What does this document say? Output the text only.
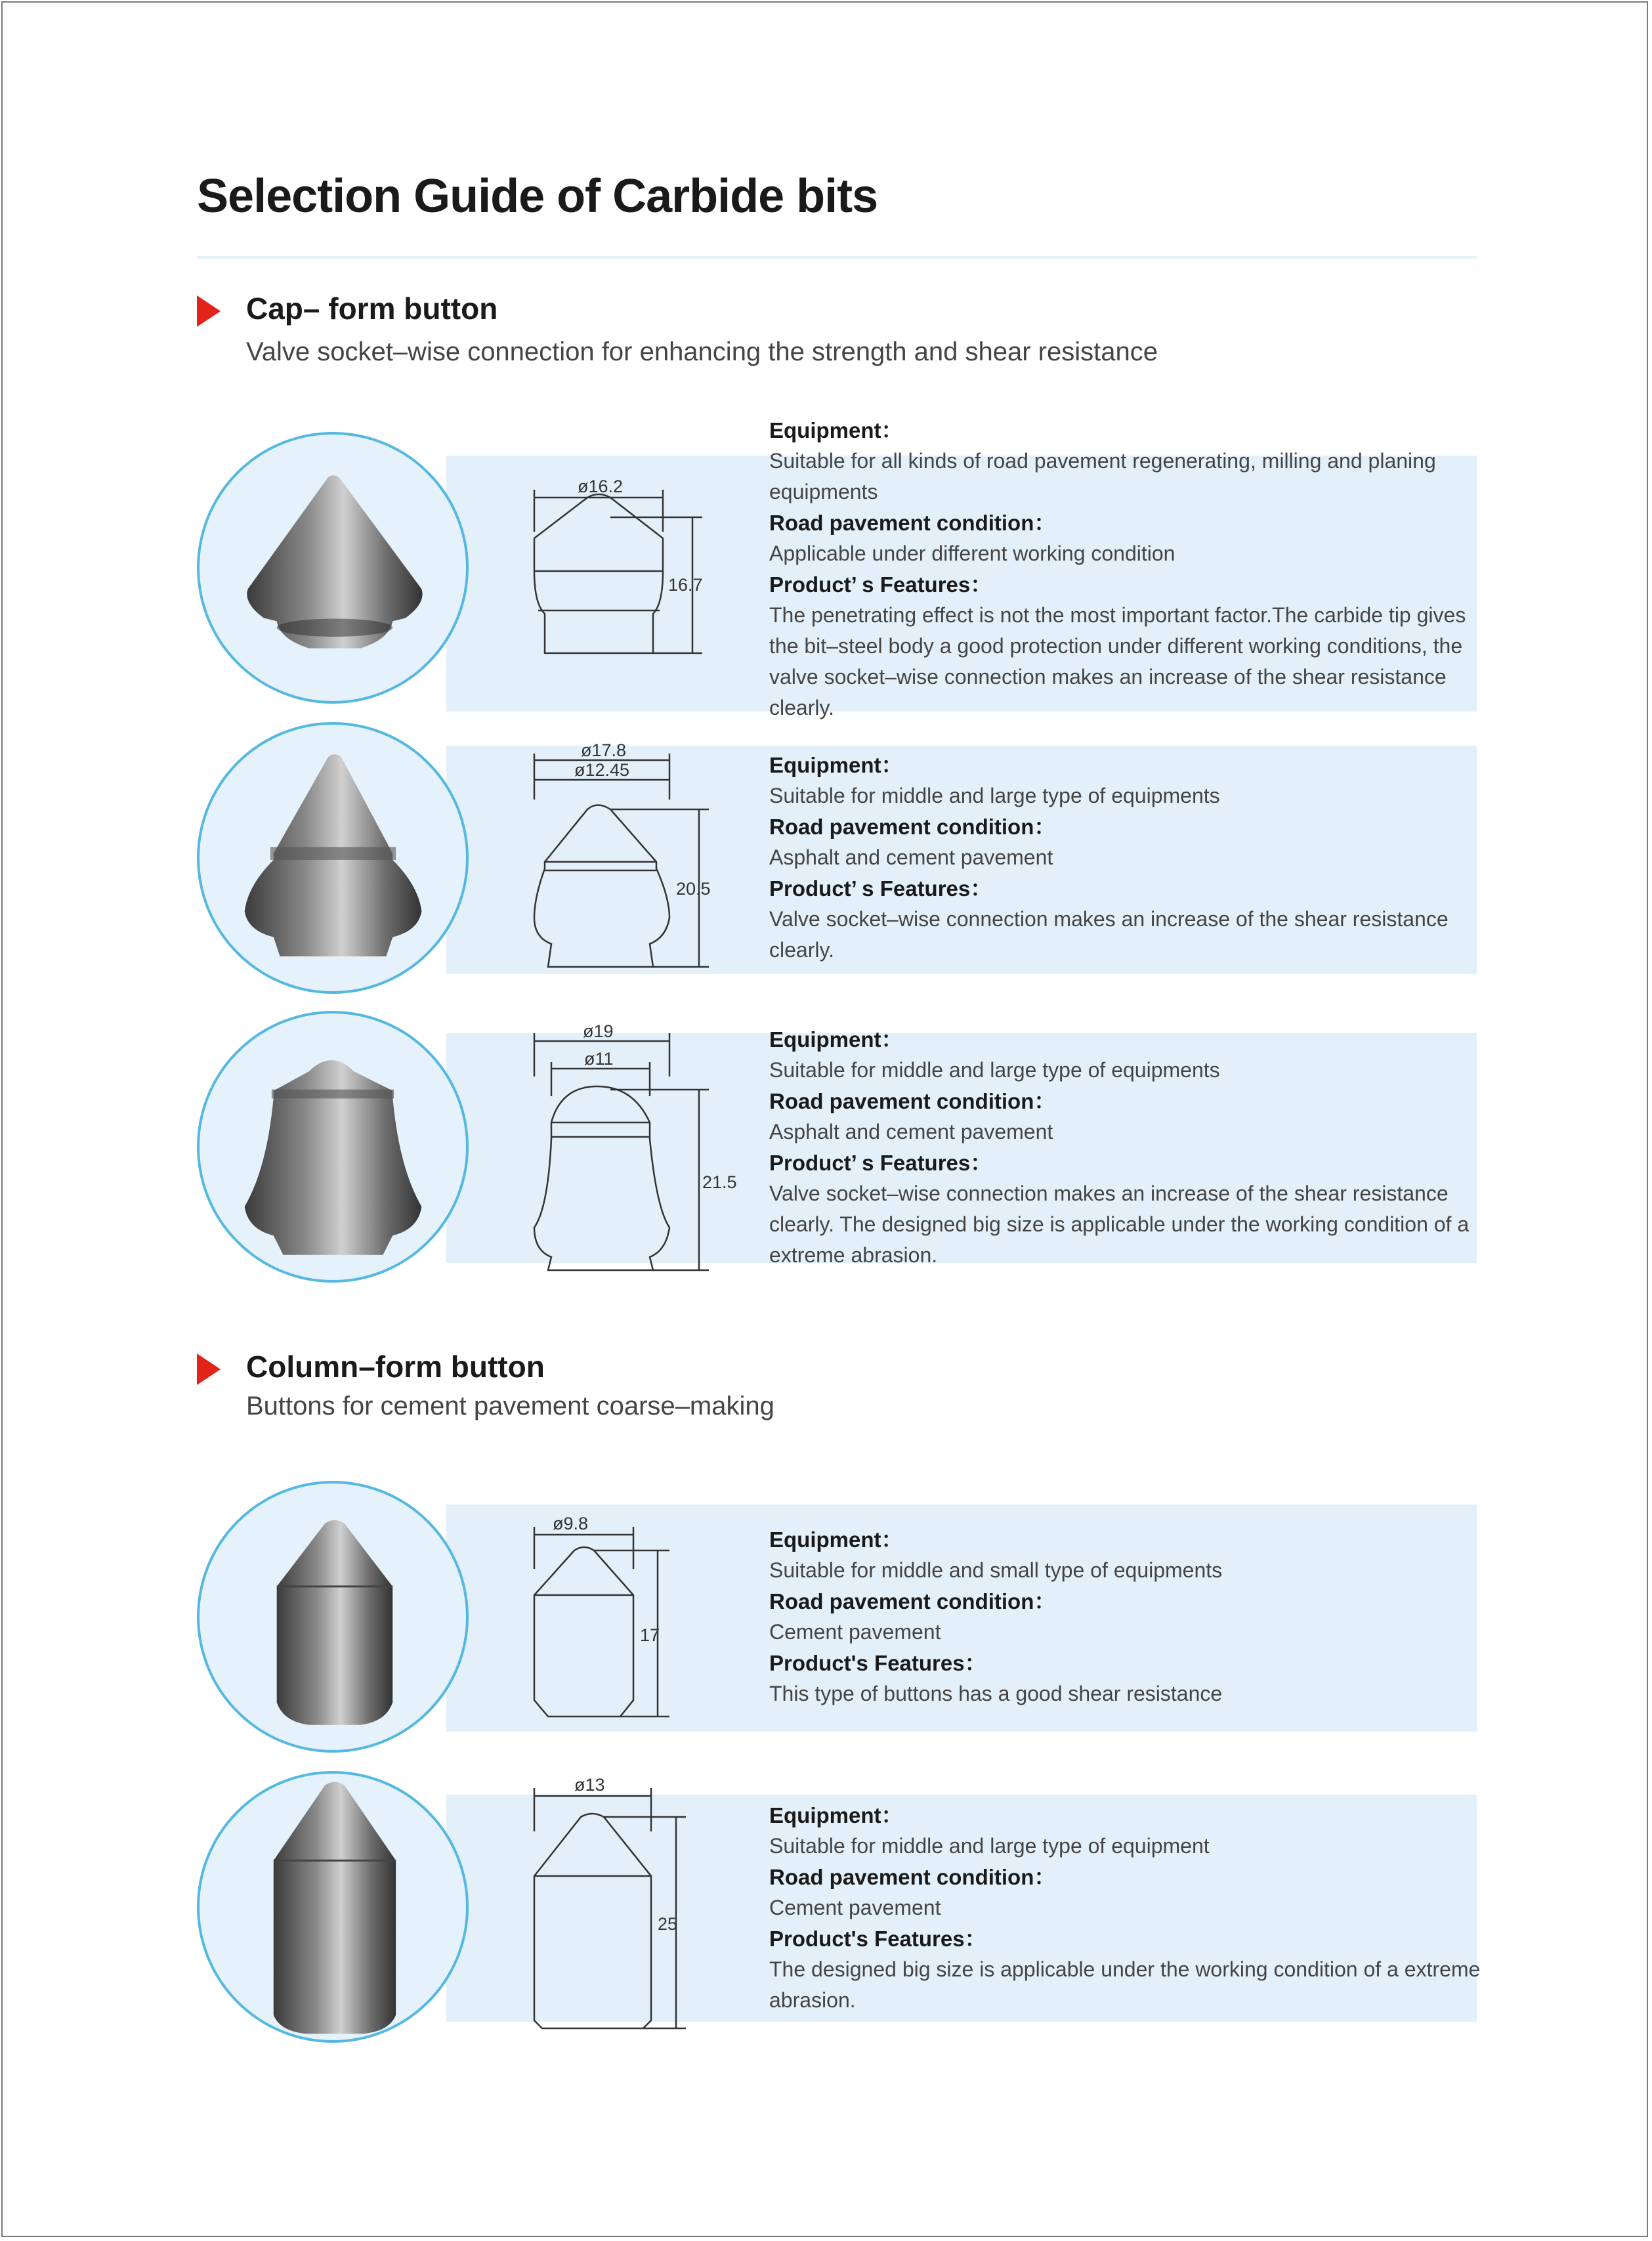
Selection Guide of Carbide bits
Cap– form button
Valve socket–wise connection for enhancing the strength and shear resistance
ø16.2
16.7
Equipment：
Suitable for all kinds of road pavement regenerating, milling and planing equipments
Road pavement condition：
Applicable under different working condition
Product’ s Features：
The penetrating effect is not the most important factor.The carbide tip gives the bit–steel body a good protection under different working conditions, the valve socket–wise connection makes an increase of the shear resistance clearly.
ø17.8
ø12.45
20.5
Equipment：
Suitable for middle and large type of equipments
Road pavement condition：
Asphalt and cement pavement
Product’ s Features：
Valve socket–wise connection makes an increase of the shear resistance clearly.
ø19
ø11
21.5
Equipment：
Suitable for middle and large type of equipments
Road pavement condition：
Asphalt and cement pavement
Product’ s Features：
Valve socket–wise connection makes an increase of the shear resistance clearly. The designed big size is applicable under the working condition of a extreme abrasion.
Column–form button
Buttons for cement pavement coarse–making
ø9.8
17
Equipment：
Suitable for middle and small type of equipments
Road pavement condition：
Cement pavement
Product's Features：
This type of buttons has a good shear resistance
ø13
25
Equipment：
Suitable for middle and large type of equipment
Road pavement condition：
Cement pavement
Product's Features：
The designed big size is applicable under the working condition of a extreme abrasion.
